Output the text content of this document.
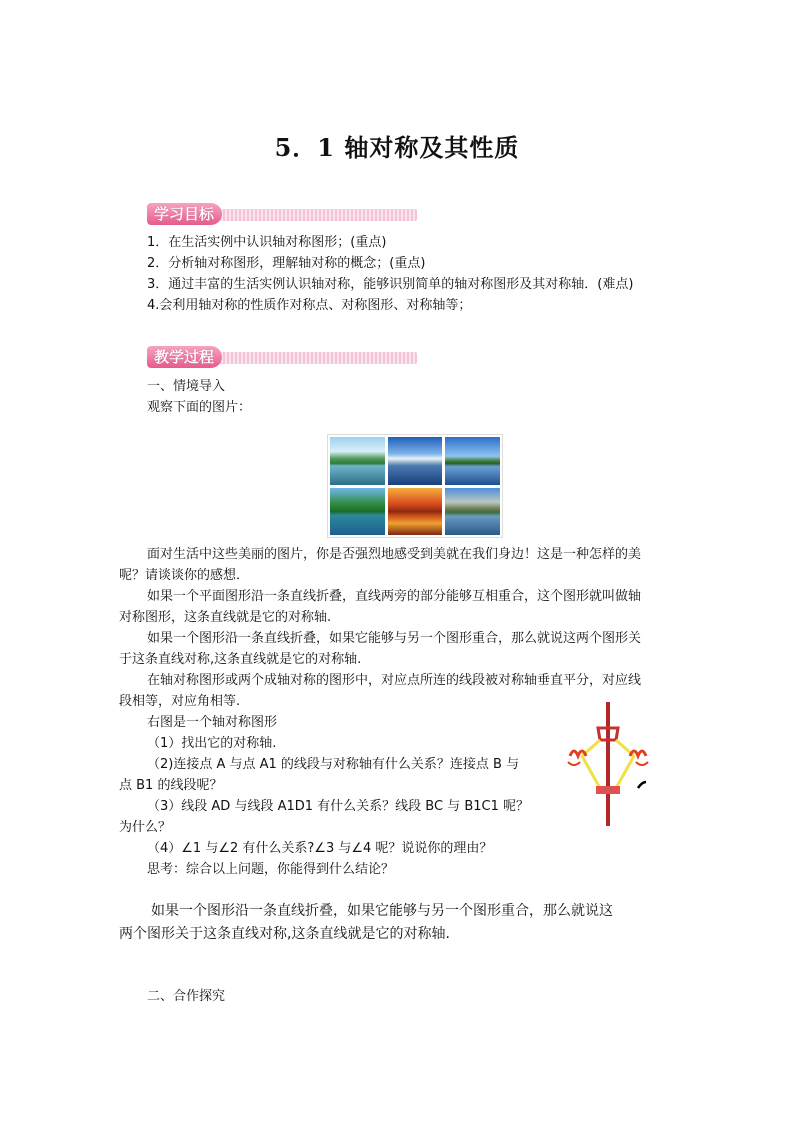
5．1 轴对称及其性质
学习目标
1．在生活实例中认识轴对称图形；(重点)
2．分析轴对称图形，理解轴对称的概念；(重点)
3．通过丰富的生活实例认识轴对称，能够识别简单的轴对称图形及其对称轴．(难点)
4.会利用轴对称的性质作对称点、对称图形、对称轴等；
教学过程
一、情境导入
观察下面的图片：
面对生活中这些美丽的图片，你是否强烈地感受到美就在我们身边！这是一种怎样的美
呢？请谈谈你的感想．
如果一个平面图形沿一条直线折叠，直线两旁的部分能够互相重合，这个图形就叫做轴
对称图形，这条直线就是它的对称轴.
如果一个图形沿一条直线折叠，如果它能够与另一个图形重合，那么就说这两个图形关
于这条直线对称,这条直线就是它的对称轴.
在轴对称图形或两个成轴对称的图形中，对应点所连的线段被对称轴垂直平分，对应线
段相等，对应角相等.
右图是一个轴对称图形
（1）找出它的对称轴.
（2)连接点 A 与点 A1 的线段与对称轴有什么关系？连接点 B 与
点 B1 的线段呢？
（3）线段 AD 与线段 A1D1 有什么关系？线段 BC 与 B1C1 呢？
为什么？
（4）∠1 与∠2 有什么关系?∠3 与∠4 呢？说说你的理由？
思考：综合以上问题，你能得到什么结论？
如果一个图形沿一条直线折叠，如果它能够与另一个图形重合，那么就说这
两个图形关于这条直线对称,这条直线就是它的对称轴.
二、合作探究
